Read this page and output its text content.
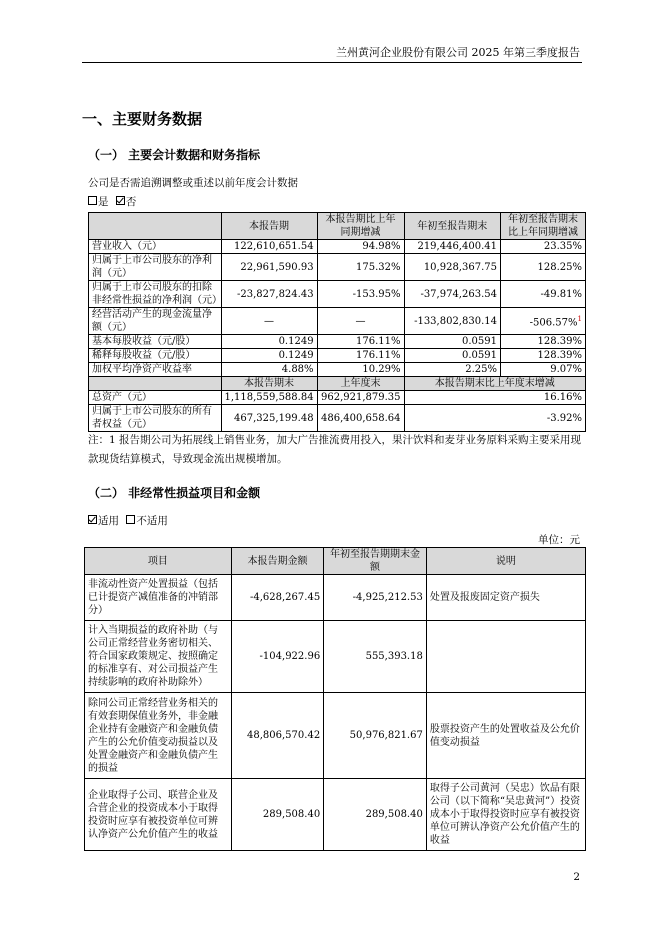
兰州黄河企业股份有限公司 2025 年第三季度报告
一、主要财务数据
（一） 主要会计数据和财务指标
公司是否需追溯调整或重述以前年度会计数据
是 否
	本报告期	本报告期比上年同期增减	年初至报告期末	年初至报告期末比上年同期增减
营业收入（元）	122,610,651.54	94.98%	219,446,400.41	23.35%
归属于上市公司股东的净利润（元）	22,961,590.93	175.32%	10,928,367.75	128.25%
归属于上市公司股东的扣除非经常性损益的净利润（元）	-23,827,824.43	-153.95%	-37,974,263.54	-49.81%
经营活动产生的现金流量净额（元）	—	—	-133,802,830.14	-506.57%$^1$
基本每股收益（元/股）	0.1249	176.11%	0.0591	128.39%
稀释每股收益（元/股）	0.1249	176.11%	0.0591	128.39%
加权平均净资产收益率	4.88%	10.29%	2.25%	9.07%
	本报告期末	上年度末	本报告期末比上年度末增减	
总资产（元）	1,118,559,588.84	962,921,879.35	16.16%	
归属于上市公司股东的所有者权益（元）	467,325,199.48	486,400,658.64	-3.92%	
注：1 报告期公司为拓展线上销售业务，加大广告推流费用投入，果汁饮料和麦芽业务原料采购主要采用现款现货结算模式，导致现金流出规模增加。
（二） 非经常性损益项目和金额
适用 不适用
单位：元
项目	本报告期金额	年初至报告期期末金额	说明
非流动性资产处置损益（包括已计提资产减值准备的冲销部分）	-4,628,267.45	-4,925,212.53	处置及报废固定资产损失
计入当期损益的政府补助（与公司正常经营业务密切相关、符合国家政策规定、按照确定的标准享有、对公司损益产生持续影响的政府补助除外）	-104,922.96	555,393.18	
除同公司正常经营业务相关的有效套期保值业务外，非金融企业持有金融资产和金融负债产生的公允价值变动损益以及处置金融资产和金融负债产生的损益	48,806,570.42	50,976,821.67	股票投资产生的处置收益及公允价值变动损益
企业取得子公司、联营企业及合营企业的投资成本小于取得投资时应享有被投资单位可辨认净资产公允价值产生的收益	289,508.40	289,508.40	取得子公司黄河（吴忠）饮品有限公司（以下简称“吴忠黄河”）投资成本小于取得投资时应享有被投资单位可辨认净资产公允价值产生的收益
2
